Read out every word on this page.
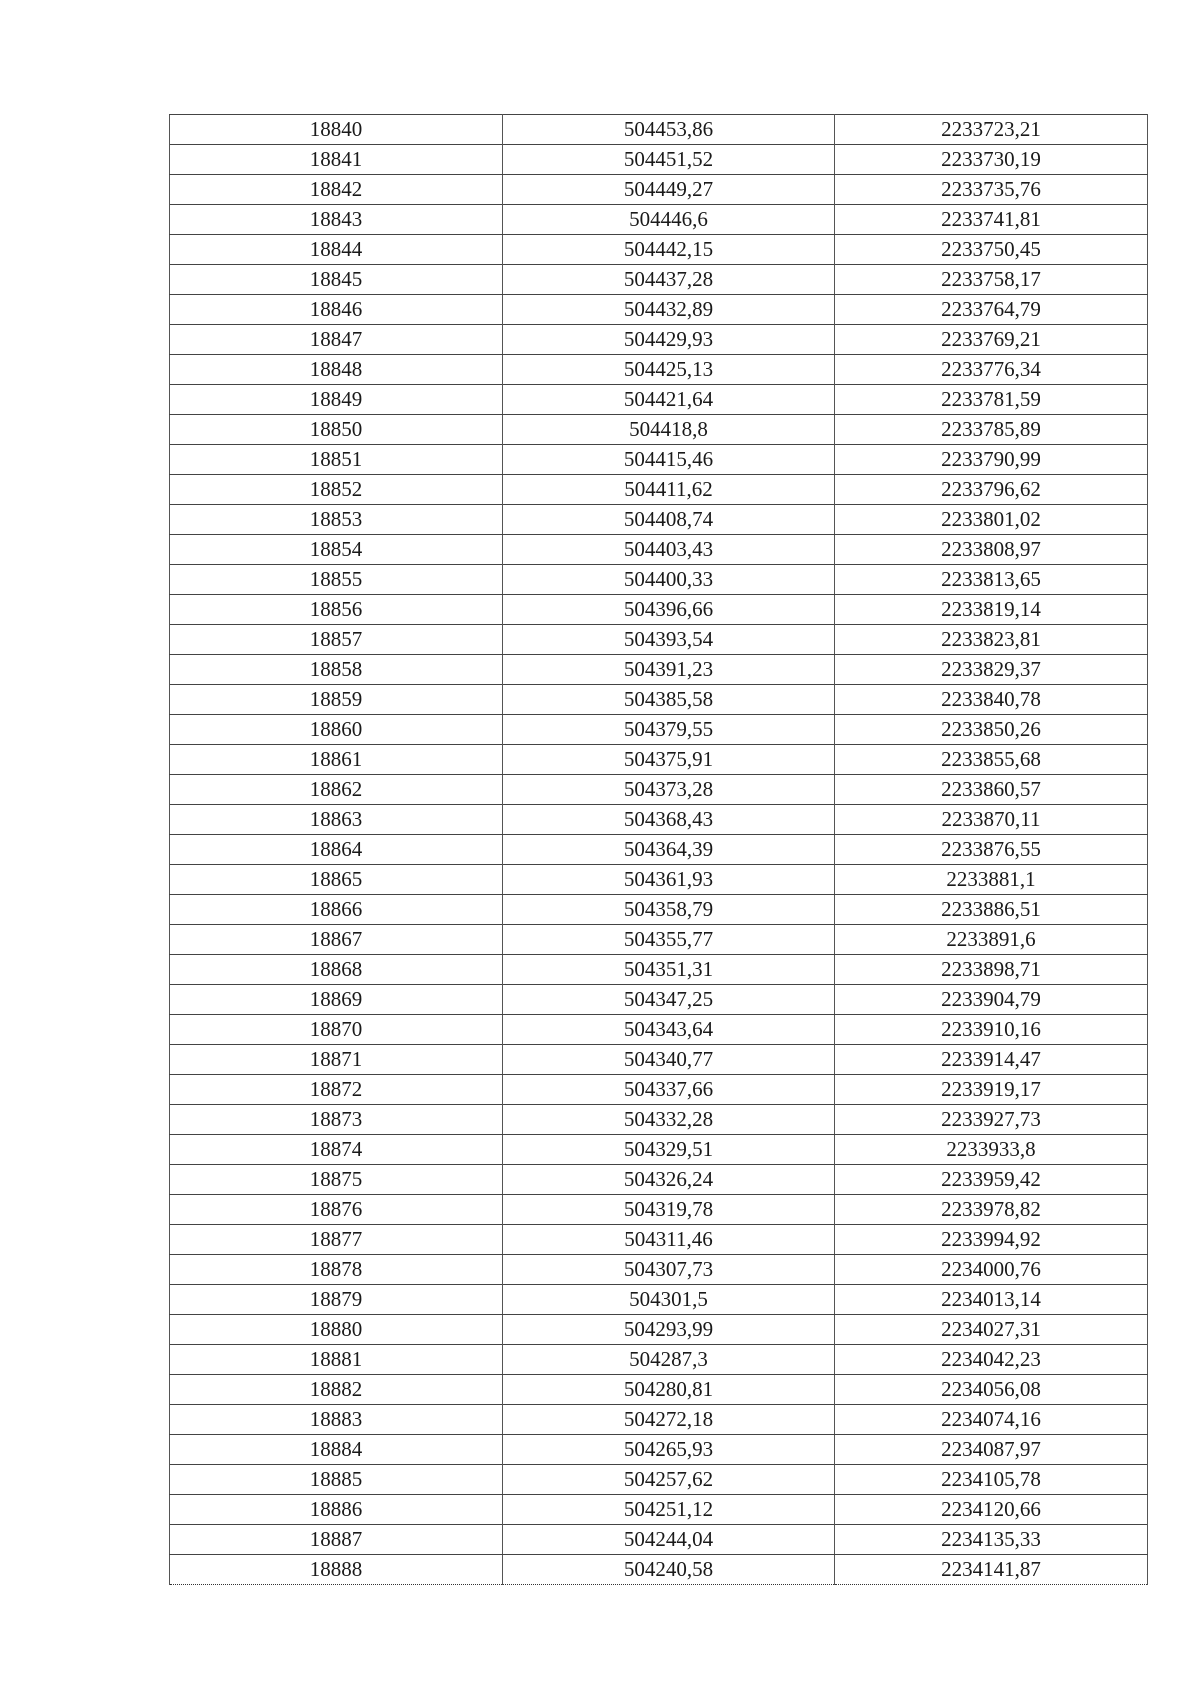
18840	504453,86	2233723,21
18841	504451,52	2233730,19
18842	504449,27	2233735,76
18843	504446,6	2233741,81
18844	504442,15	2233750,45
18845	504437,28	2233758,17
18846	504432,89	2233764,79
18847	504429,93	2233769,21
18848	504425,13	2233776,34
18849	504421,64	2233781,59
18850	504418,8	2233785,89
18851	504415,46	2233790,99
18852	504411,62	2233796,62
18853	504408,74	2233801,02
18854	504403,43	2233808,97
18855	504400,33	2233813,65
18856	504396,66	2233819,14
18857	504393,54	2233823,81
18858	504391,23	2233829,37
18859	504385,58	2233840,78
18860	504379,55	2233850,26
18861	504375,91	2233855,68
18862	504373,28	2233860,57
18863	504368,43	2233870,11
18864	504364,39	2233876,55
18865	504361,93	2233881,1
18866	504358,79	2233886,51
18867	504355,77	2233891,6
18868	504351,31	2233898,71
18869	504347,25	2233904,79
18870	504343,64	2233910,16
18871	504340,77	2233914,47
18872	504337,66	2233919,17
18873	504332,28	2233927,73
18874	504329,51	2233933,8
18875	504326,24	2233959,42
18876	504319,78	2233978,82
18877	504311,46	2233994,92
18878	504307,73	2234000,76
18879	504301,5	2234013,14
18880	504293,99	2234027,31
18881	504287,3	2234042,23
18882	504280,81	2234056,08
18883	504272,18	2234074,16
18884	504265,93	2234087,97
18885	504257,62	2234105,78
18886	504251,12	2234120,66
18887	504244,04	2234135,33
18888	504240,58	2234141,87
